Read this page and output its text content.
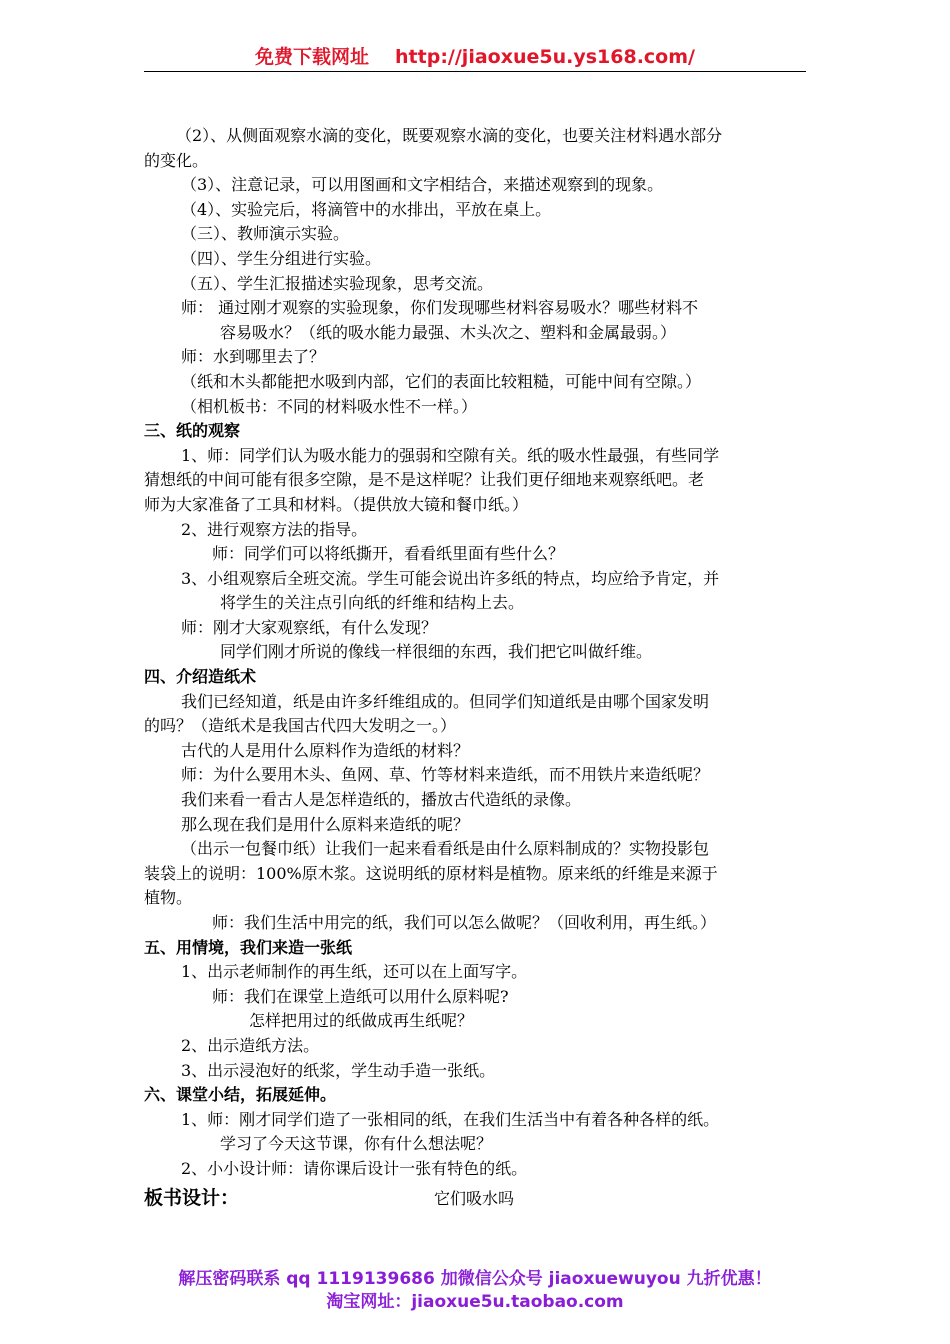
免费下载网址 http://jiaoxue5u.ys168.com/
（2）、从侧面观察水滴的变化，既要观察水滴的变化，也要关注材料遇水部分
的变化。
（3）、注意记录，可以用图画和文字相结合，来描述观察到的现象。
（4）、实验完后，将滴管中的水排出，平放在桌上。
（三）、教师演示实验。
（四）、学生分组进行实验。
（五）、学生汇报描述实验现象，思考交流。
师： 通过刚才观察的实验现象，你们发现哪些材料容易吸水？哪些材料不
容易吸水？（纸的吸水能力最强、木头次之、塑料和金属最弱。）
师：水到哪里去了？
（纸和木头都能把水吸到内部，它们的表面比较粗糙，可能中间有空隙。）
（相机板书：不同的材料吸水性不一样。）
三、纸的观察
1、师：同学们认为吸水能力的强弱和空隙有关。纸的吸水性最强，有些同学
猜想纸的中间可能有很多空隙，是不是这样呢？让我们更仔细地来观察纸吧。老
师为大家准备了工具和材料。（提供放大镜和餐巾纸。）
2、进行观察方法的指导。
师：同学们可以将纸撕开，看看纸里面有些什么？
3、小组观察后全班交流。学生可能会说出许多纸的特点，均应给予肯定，并
将学生的关注点引向纸的纤维和结构上去。
师：刚才大家观察纸，有什么发现？
同学们刚才所说的像线一样很细的东西，我们把它叫做纤维。
四、介绍造纸术
我们已经知道，纸是由许多纤维组成的。但同学们知道纸是由哪个国家发明
的吗？（造纸术是我国古代四大发明之一。）
古代的人是用什么原料作为造纸的材料？
师：为什么要用木头、鱼网、草、竹等材料来造纸，而不用铁片来造纸呢？
我们来看一看古人是怎样造纸的，播放古代造纸的录像。
那么现在我们是用什么原料来造纸的呢？
（出示一包餐巾纸）让我们一起来看看纸是由什么原料制成的？实物投影包
装袋上的说明：100%原木浆。这说明纸的原材料是植物。原来纸的纤维是来源于
植物。
师：我们生活中用完的纸，我们可以怎么做呢？（回收利用，再生纸。）
五、用情境，我们来造一张纸
1、出示老师制作的再生纸，还可以在上面写字。
师：我们在课堂上造纸可以用什么原料呢?
怎样把用过的纸做成再生纸呢？
2、出示造纸方法。
3、出示浸泡好的纸浆，学生动手造一张纸。
六、课堂小结，拓展延伸。
1、师：刚才同学们造了一张相同的纸，在我们生活当中有着各种各样的纸。
学习了今天这节课，你有什么想法呢？
2、小小设计师：请你课后设计一张有特色的纸。
板书设计：	它们吸水吗
解压密码联系 qq 1119139686 加微信公众号 jiaoxuewuyou 九折优惠！
淘宝网址：jiaoxue5u.taobao.com
